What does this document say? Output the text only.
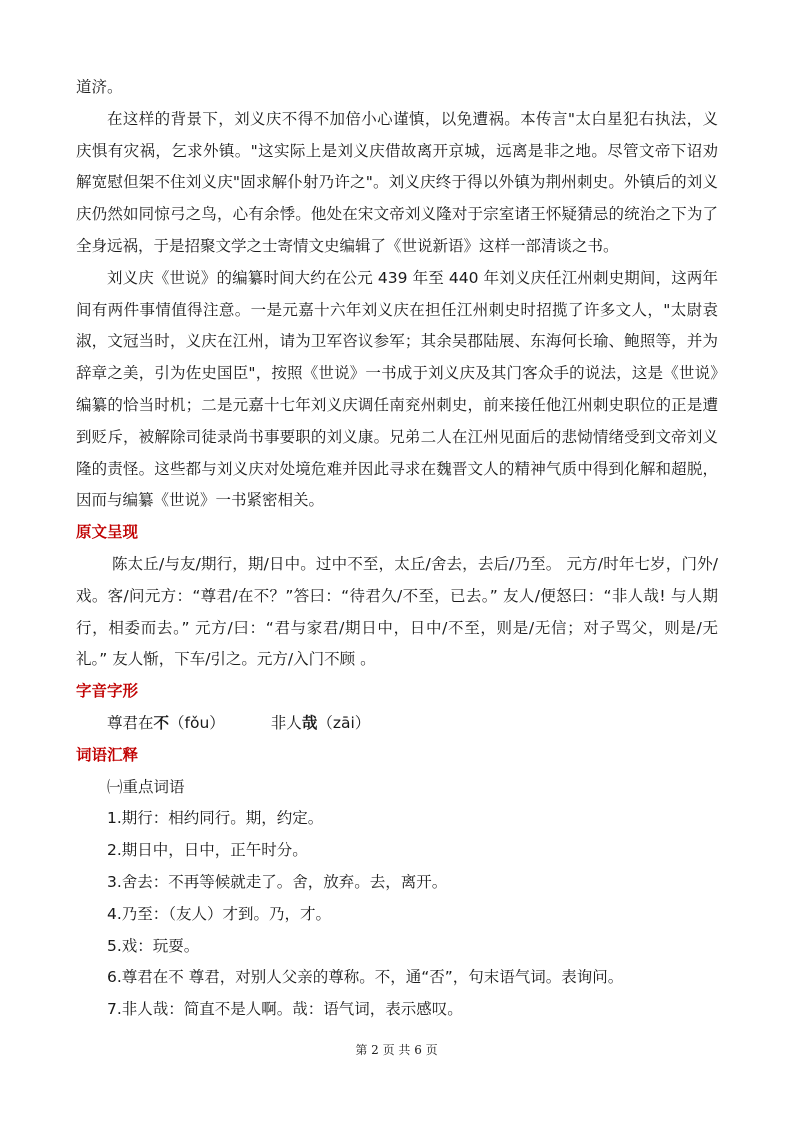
道济。

在这样的背景下，刘义庆不得不加倍小心谨慎，以免遭祸。本传言"太白星犯右执法，义庆惧有灾祸，乞求外镇。"这实际上是刘义庆借故离开京城，远离是非之地。尽管文帝下诏劝解宽慰但架不住刘义庆"固求解仆射乃许之"。刘义庆终于得以外镇为荆州刺史。外镇后的刘义庆仍然如同惊弓之鸟，心有余悸。他处在宋文帝刘义隆对于宗室诸王怀疑猜忌的统治之下为了全身远祸，于是招聚文学之士寄情文史编辑了《世说新语》这样一部清谈之书。

刘义庆《世说》的编纂时间大约在公元 439 年至 440 年刘义庆任江州刺史期间，这两年间有两件事情值得注意。一是元嘉十六年刘义庆在担任江州刺史时招揽了许多文人，"太尉袁淑，文冠当时，义庆在江州，请为卫军咨议参军；其余吴郡陆展、东海何长瑜、鲍照等，并为辞章之美，引为佐史国臣"，按照《世说》一书成于刘义庆及其门客众手的说法，这是《世说》编纂的恰当时机；二是元嘉十七年刘义庆调任南兖州刺史，前来接任他江州刺史职位的正是遭到贬斥，被解除司徒录尚书事要职的刘义康。兄弟二人在江州见面后的悲恸情绪受到文帝刘义隆的责怪。这些都与刘义庆对处境危难并因此寻求在魏晋文人的精神气质中得到化解和超脱，因而与编纂《世说》一书紧密相关。

原文呈现

陈太丘/与友/期行，期/日中。过中不至，太丘/舍去，去后/乃至。 元方/时年七岁，门外/戏。客/问元方：“尊君/在不？”答曰：“待君久/不至，已去。” 友人/便怒曰：“非人哉! 与人期行，相委而去。” 元方/曰：“君与家君/期日中，日中/不至，则是/无信；对子骂父，则是/无礼。” 友人惭，下车/引之。元方/入门不顾 。

字音字形

尊君在不（fǒu）	非人哉（zāi）

词语汇释

㈠重点词语

1.期行：相约同行。期，约定。

2.期日中，日中，正午时分。

3.舍去：不再等候就走了。舍，放弃。去，离开。

4.乃至：（友人）才到。乃，才。

5.戏：玩耍。

6.尊君在不 尊君，对别人父亲的尊称。不，通“否”，句末语气词。表询问。

7.非人哉：简直不是人啊。哉：语气词，表示感叹。

第 2 页 共 6 页
